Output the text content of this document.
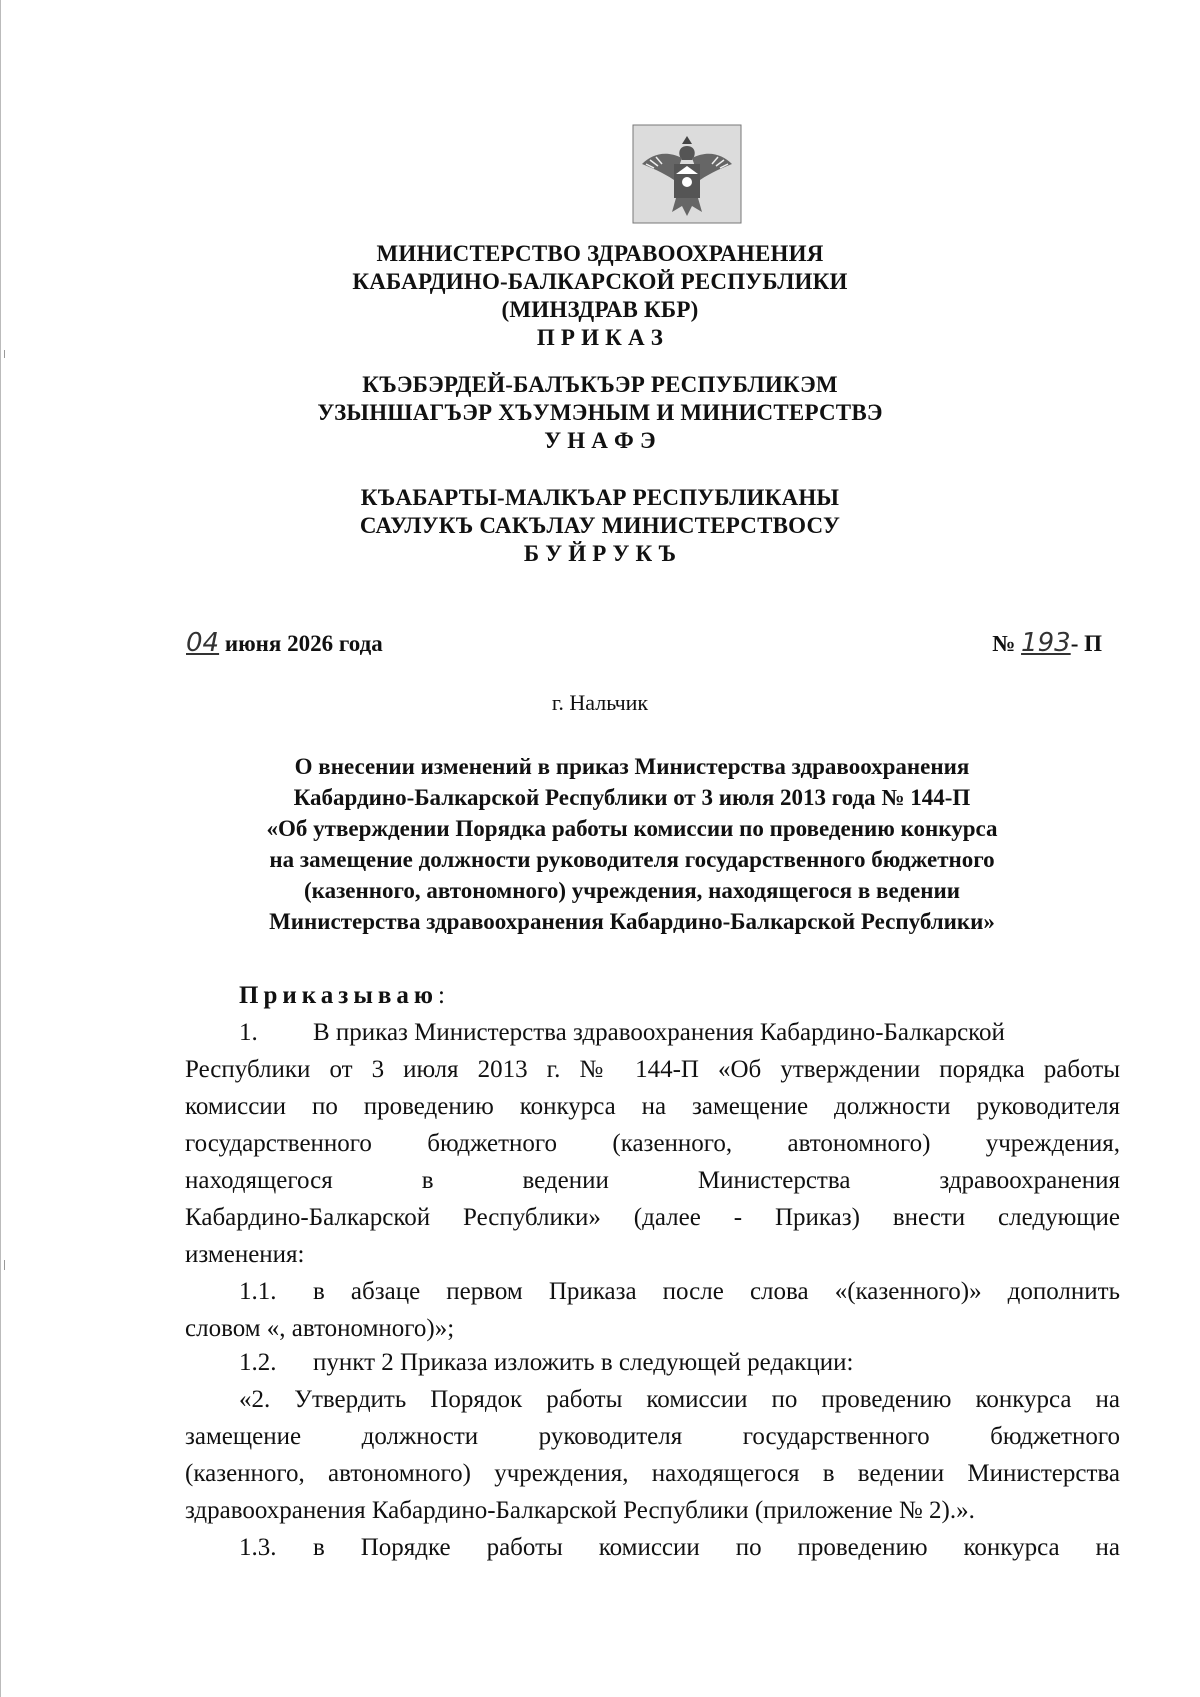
МИНИСТЕРСТВО ЗДРАВООХРАНЕНИЯ
КАБАРДИНО-БАЛКАРСКОЙ РЕСПУБЛИКИ
(МИНЗДРАВ КБР)
П Р И К А З
КЪЭБЭРДЕЙ-БАЛЪКЪЭР РЕСПУБЛИКЭМ
УЗЫНШАГЪЭР ХЪУМЭНЫМ И МИНИСТЕРСТВЭ
У Н А Ф Э
КЪАБАРТЫ-МАЛКЪАР РЕСПУБЛИКАНЫ
САУЛУКЪ САКЪЛАУ МИНИСТЕРСТВОСУ
Б У Й Р У К Ъ
04 июня 2026 года	№ 193- П
г. Нальчик
О внесении изменений в приказ Министерства здравоохранения
Кабардино-Балкарской Республики от 3 июля 2013 года № 144-П
«Об утверждении Порядка работы комиссии по проведению конкурса
на замещение должности руководителя государственного бюджетного
(казенного, автономного) учреждения, находящегося в ведении
Министерства здравоохранения Кабардино-Балкарской Республики»
Приказываю:
1. В приказ Министерства здравоохранения Кабардино-Балкарской
Республики от 3 июля 2013 г. № 144-П «Об утверждении порядка работы
комиссии по проведению конкурса на замещение должности руководителя
государственного бюджетного (казенного, автономного) учреждения,
находящегося в ведении Министерства здравоохранения
Кабардино-Балкарской Республики» (далее - Приказ) внести следующие
изменения:
1.1. в абзаце первом Приказа после слова «(казенного)» дополнить
словом «, автономного)»;
1.2. пункт 2 Приказа изложить в следующей редакции:
«2. Утвердить Порядок работы комиссии по проведению конкурса на
замещение должности руководителя государственного бюджетного
(казенного, автономного) учреждения, находящегося в ведении Министерства
здравоохранения Кабардино-Балкарской Республики (приложение № 2).».
1.3. в Порядке работы комиссии по проведению конкурса на
